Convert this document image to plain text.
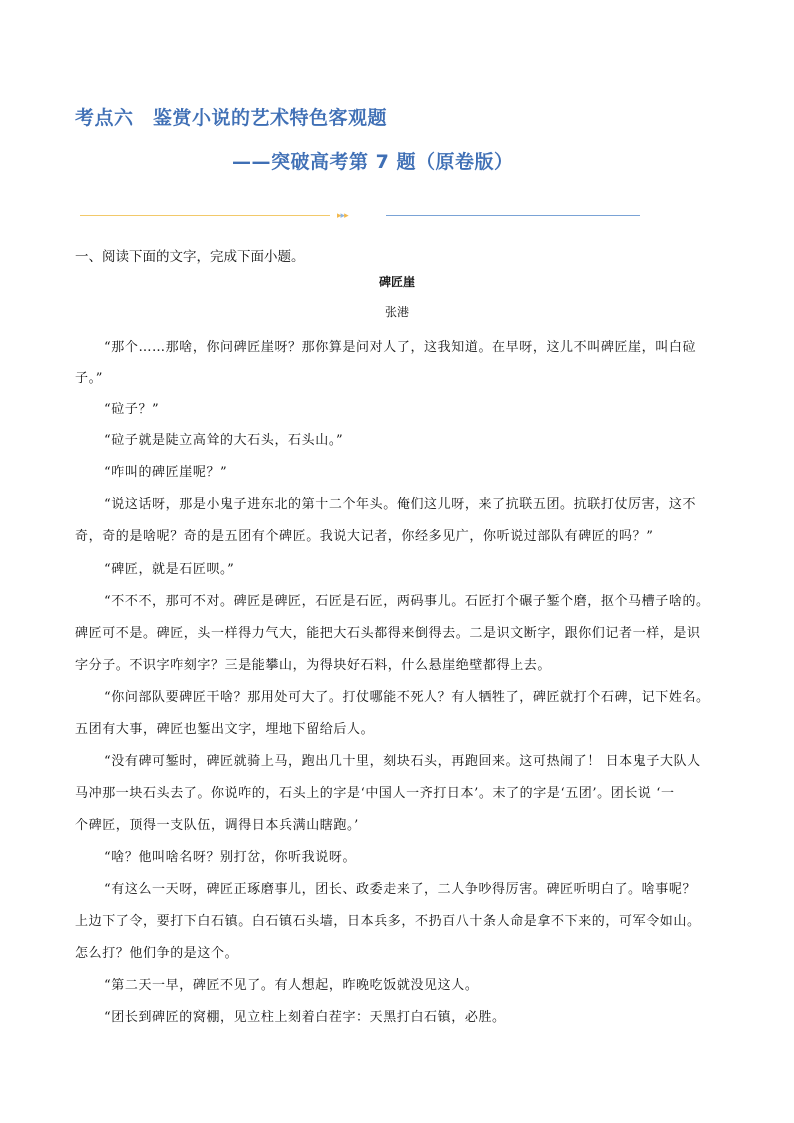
考点六　鉴赏小说的艺术特色客观题
——突破高考第 7 题（原卷版）
▸▸▸
一、阅读下面的文字，完成下面小题。
碑匠崖
张港
“那个……那啥，你问碑匠崖呀？那你算是问对人了，这我知道。在早呀，这儿不叫碑匠崖，叫白砬
子。”
“砬子？”
“砬子就是陡立高耸的大石头，石头山。”
“咋叫的碑匠崖呢？”
“说这话呀，那是小鬼子进东北的第十二个年头。俺们这儿呀，来了抗联五团。抗联打仗厉害，这不
奇，奇的是啥呢？奇的是五团有个碑匠。我说大记者，你经多见广，你听说过部队有碑匠的吗？”
“碑匠，就是石匠呗。”
“不不不，那可不对。碑匠是碑匠，石匠是石匠，两码事儿。石匠打个碾子錾个磨，抠个马槽子啥的。
碑匠可不是。碑匠，头一样得力气大，能把大石头都得来倒得去。二是识文断字，跟你们记者一样，是识
字分子。不识字咋刻字？三是能攀山，为得块好石料，什么悬崖绝壁都得上去。
“你问部队要碑匠干啥？那用处可大了。打仗哪能不死人？有人牺牲了，碑匠就打个石碑，记下姓名。
五团有大事，碑匠也錾出文字，埋地下留给后人。
“没有碑可錾时，碑匠就骑上马，跑出几十里，刻块石头，再跑回来。这可热闹了！ 日本鬼子大队人
马冲那一块石头去了。你说咋的，石头上的字是‘中国人一齐打日本’。末了的字是‘五团’。团长说 ‘一
个碑匠，顶得一支队伍，调得日本兵满山瞎跑。’
“啥？他叫啥名呀？别打岔，你听我说呀。
“有这么一天呀，碑匠正琢磨事儿，团长、政委走来了，二人争吵得厉害。碑匠听明白了。啥事呢？
上边下了令，要打下白石镇。白石镇石头墙，日本兵多，不扔百八十条人命是拿不下来的，可军令如山。
怎么打？他们争的是这个。
“第二天一早，碑匠不见了。有人想起，昨晚吃饭就没见这人。
“团长到碑匠的窝棚，见立柱上刻着白茬字：天黑打白石镇，必胜。
